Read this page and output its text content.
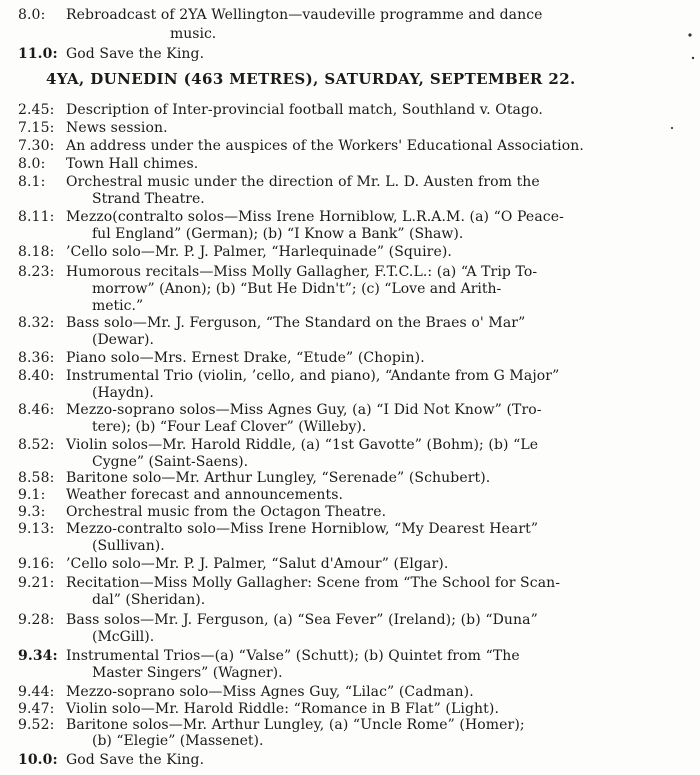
8.0:	Rebroadcast of 2YA Wellington—vaudeville programme and dance
music.
11.0: God Save the King.
4YA, DUNEDIN (463 METRES), SATURDAY, SEPTEMBER 22.
2.45: Description of Inter-provincial football match, Southland v. Otago.
7.15: News session.
7.30: An address under the auspices of the Workers' Educational Association.
8.0:	Town Hall chimes.
8.1:	Orchestral music under the direction of Mr. L. D. Austen from the
Strand Theatre.
8.11: Mezzo(contralto solos—Miss Irene Horniblow, L.R.A.M. (a) “O Peace-
ful England” (German); (b) “I Know a Bank” (Shaw).
8.18: ’Cello solo—Mr. P. J. Palmer, “Harlequinade” (Squire).
8.23: Humorous recitals—Miss Molly Gallagher, F.T.C.L.: (a) “A Trip To-
morrow” (Anon); (b) “But He Didn't”; (c) “Love and Arith-
metic.”
8.32: Bass solo—Mr. J. Ferguson, “The Standard on the Braes o' Mar”
(Dewar).
8.36: Piano solo—Mrs. Ernest Drake, “Etude” (Chopin).
8.40: Instrumental Trio (violin, ’cello, and piano), “Andante from G Major”
(Haydn).
8.46: Mezzo-soprano solos—Miss Agnes Guy, (a) “I Did Not Know” (Tro-
tere); (b) “Four Leaf Clover” (Willeby).
8.52: Violin solos—Mr. Harold Riddle, (a) “1st Gavotte” (Bohm); (b) “Le
Cygne” (Saint-Saens).
8.58: Baritone solo—Mr. Arthur Lungley, “Serenade” (Schubert).
9.1:	Weather forecast and announcements.
9.3:	Orchestral music from the Octagon Theatre.
9.13: Mezzo-contralto solo—Miss Irene Horniblow, “My Dearest Heart”
(Sullivan).
9.16: ’Cello solo—Mr. P. J. Palmer, “Salut d'Amour” (Elgar).
9.21: Recitation—Miss Molly Gallagher: Scene from “The School for Scan-
dal” (Sheridan).
9.28: Bass solos—Mr. J. Ferguson, (a) “Sea Fever” (Ireland); (b) “Duna”
(McGill).
9.34: Instrumental Trios—(a) “Valse” (Schutt); (b) Quintet from “The
Master Singers” (Wagner).
9.44: Mezzo-soprano solo—Miss Agnes Guy, “Lilac” (Cadman).
9.47: Violin solo—Mr. Harold Riddle: “Romance in B Flat” (Light).
9.52: Baritone solos—Mr. Arthur Lungley, (a) “Uncle Rome” (Homer);
(b) “Elegie” (Massenet).
10.0: God Save the King.
